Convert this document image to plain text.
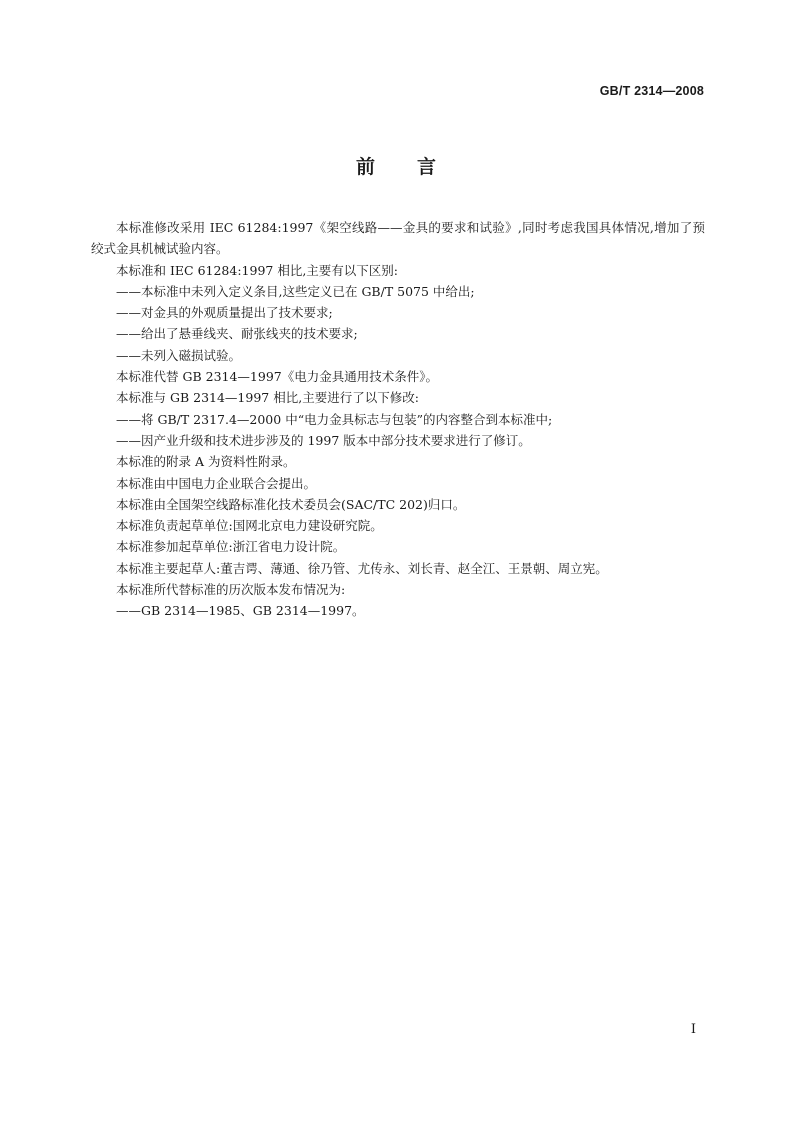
GB/T 2314—2008
前 言

本标准修改采用 IEC 61284:1997《架空线路——金具的要求和试验》,同时考虑我国具体情况,增加了预绞式金具机械试验内容。

本标准和 IEC 61284:1997 相比,主要有以下区别:

——本标准中未列入定义条目,这些定义已在 GB/T 5075 中给出;

——对金具的外观质量提出了技术要求;

——给出了悬垂线夹、耐张线夹的技术要求;

——未列入磁损试验。

本标准代替 GB 2314—1997《电力金具通用技术条件》。

本标准与 GB 2314—1997 相比,主要进行了以下修改:

——将 GB/T 2317.4—2000 中“电力金具标志与包装”的内容整合到本标准中;

——因产业升级和技术进步涉及的 1997 版本中部分技术要求进行了修订。

本标准的附录 A 为资料性附录。

本标准由中国电力企业联合会提出。

本标准由全国架空线路标准化技术委员会(SAC/TC 202)归口。

本标准负责起草单位:国网北京电力建设研究院。

本标准参加起草单位:浙江省电力设计院。

本标准主要起草人:董吉谔、薄通、徐乃管、尤传永、刘长青、赵全江、王景朝、周立宪。

本标准所代替标准的历次版本发布情况为:

——GB 2314—1985、GB 2314—1997。

I
